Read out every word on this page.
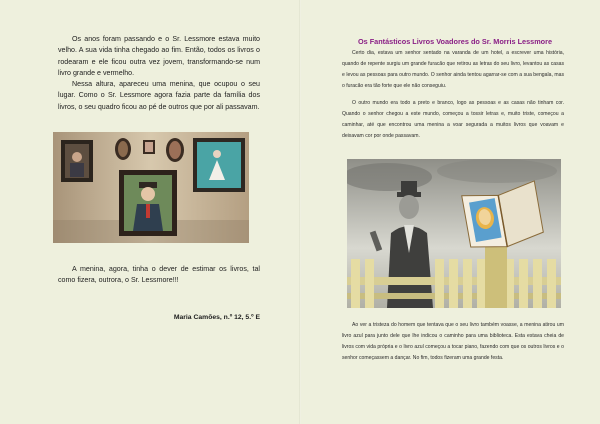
Os anos foram passando e o Sr. Lessmore estava muito velho. A sua vida tinha chegado ao fim. Então, todos os livros o rodearam e ele ficou outra vez jovem, transformando-se num livro grande e vermelho.

Nessa altura, apareceu uma menina, que ocupou o seu lugar. Como o Sr. Lessmore agora fazia parte da família dos livros, o seu quadro ficou ao pé de outros que por ali passavam.

A menina, agora, tinha o dever de estimar os livros, tal como fizera, outrora, o Sr. Lessmore!!!

Maria Camões, n.º 12, 5.º E

Os Fantásticos Livros Voadores do Sr. Morris Lessmore

Certo dia, estava um senhor sentado na varanda de um hotel, a escrever uma história, quando de repente surgiu um grande furacão que retirou as letras do seu livro, levantou as casas e levou as pessoas para outro mundo. O senhor ainda tentou agarrar-se com a sua bengala, mas o furacão era tão forte que ele não conseguiu.

O outro mundo era todo a preto e branco, logo as pessoas e as casas não tinham cor. Quando o senhor chegou a este mundo, começou a tossir letras e, muito triste, começou a caminhar, até que encontrou uma menina a voar segurada a muitos livros que voavam e deixavam cor por onde passavam.

Ao ver a tristeza do homem que tentava que o seu livro também voasse, a menina atirou um livro azul para junto dele que lhe indicou o caminho para uma biblioteca. Esta estava cheia de livros com vida própria e o livro azul começou a tocar piano, fazendo com que os outros livros e o senhor começassem a dançar. No fim, todos fizeram uma grande festa.
